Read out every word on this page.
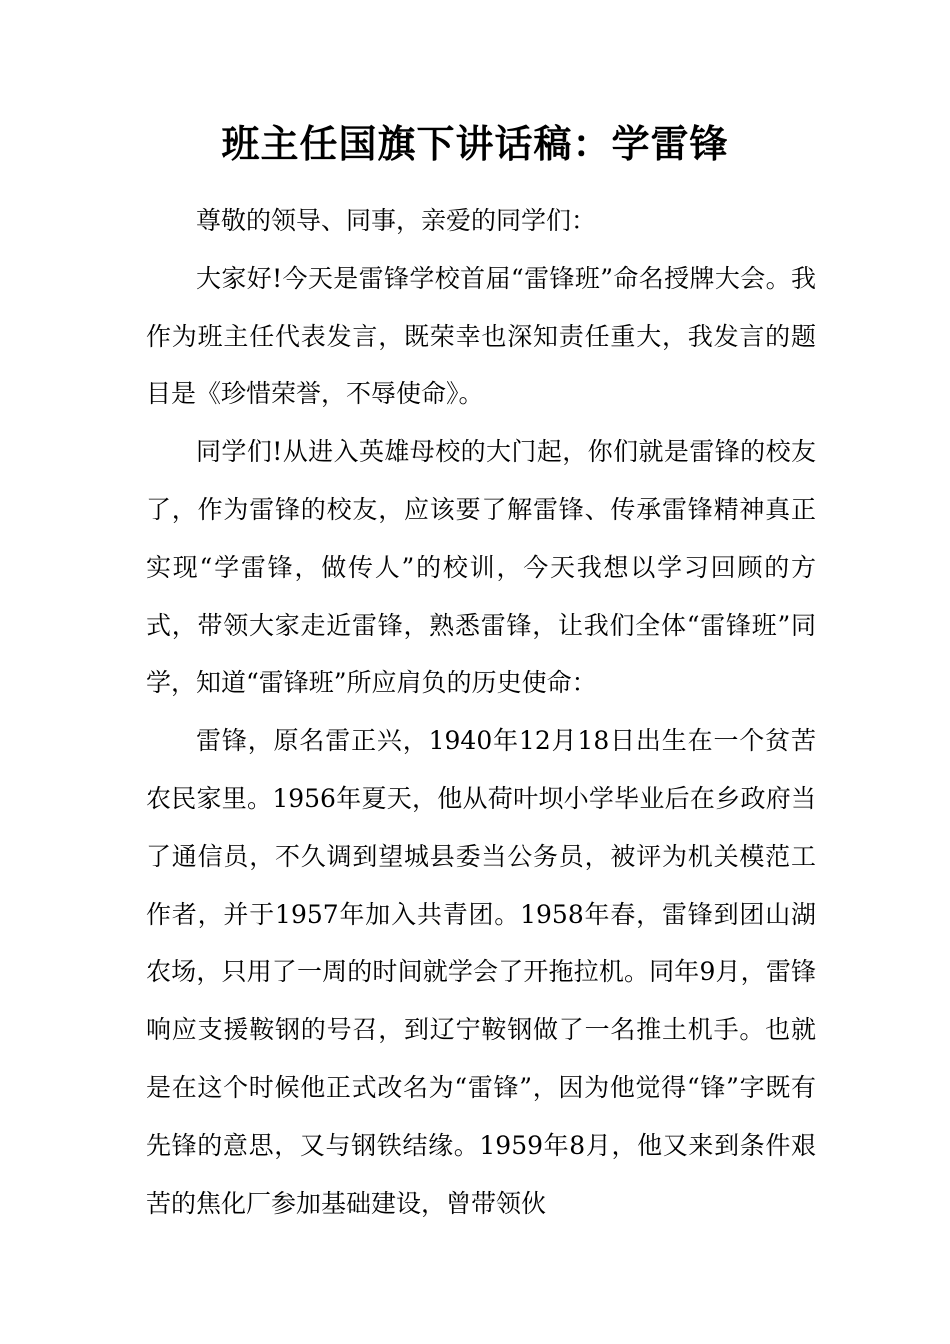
班主任国旗下讲话稿：学雷锋

尊敬的领导、同事，亲爱的同学们：

大家好!今天是雷锋学校首届“雷锋班”命名授牌大会。我作为班主任代表发言，既荣幸也深知责任重大，我发言的题目是《珍惜荣誉，不辱使命》。

同学们!从进入英雄母校的大门起，你们就是雷锋的校友了，作为雷锋的校友，应该要了解雷锋、传承雷锋精神真正实现“学雷锋，做传人”的校训，今天我想以学习回顾的方式，带领大家走近雷锋，熟悉雷锋，让我们全体“雷锋班”同学，知道“雷锋班”所应肩负的历史使命：

雷锋，原名雷正兴，1940年12月18日出生在一个贫苦农民家里。1956年夏天，他从荷叶坝小学毕业后在乡政府当了通信员，不久调到望城县委当公务员，被评为机关模范工作者，并于1957年加入共青团。1958年春，雷锋到团山湖农场，只用了一周的时间就学会了开拖拉机。同年9月，雷锋响应支援鞍钢的号召，到辽宁鞍钢做了一名推土机手。也就是在这个时候他正式改名为“雷锋”，因为他觉得“锋”字既有先锋的意思，又与钢铁结缘。1959年8月，他又来到条件艰苦的焦化厂参加基础建设，曾带领伙
